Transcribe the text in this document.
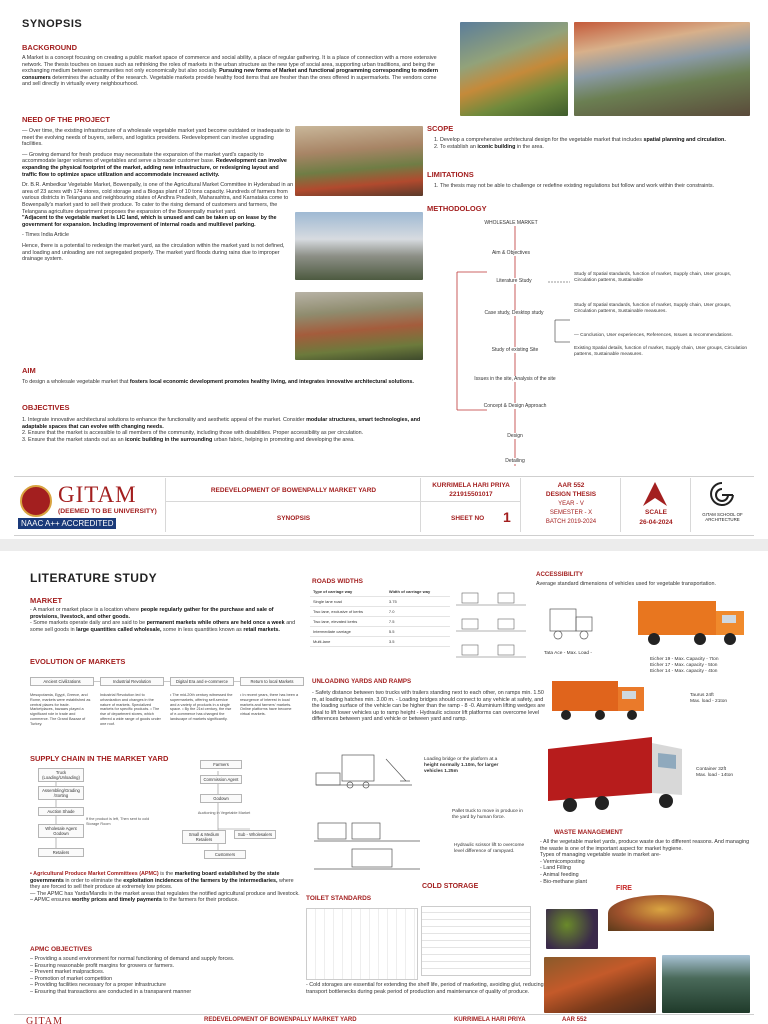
SYNOPSIS
BACKGROUND
A Market is a concept focusing on creating a public market space of commerce and social ability, a place of regular gathering. It is a place of connection with a more extensive network. The thesis touches on issues such as rethinking the roles of markets in the urban structure as the new type of social area, supporting urban traditions, and being the exchanging medium between communities not only economically but also socially. Pursuing new forms of Market and functional programming corresponding to modern consumers determines the actuality of the research. Vegetable markets provide healthy food items that are fresher than the ones offered in supermarkets. The vendors come and sell directly in virtually every neighbourhood.
NEED OF THE PROJECT
— Over time, the existing infrastructure of a wholesale vegetable market yard become outdated or inadequate to meet the evolving needs of buyers, sellers, and logistics providers. Redevelopment can involve upgrading facilities.
— Growing demand for fresh produce may necessitate the expansion of the market yard's capacity to accommodate larger volumes of vegetables and serve a broader customer base. Redevelopment can involve expanding the physical footprint of the market, adding new infrastructure, or redesigning layout and traffic flow to optimize space utilization and accommodate increased activity.
Dr. B.R. Ambedkar Vegetable Market, Bowenpally, is one of the Agricultural Market Committee in Hyderabad in an area of 23 acres with 174 stores, cold storage and a Biogas plant of 10 tons capacity. Hundreds of farmers from various districts in Telangana and neighbouring states of Andhra Pradesh, Maharashtra, and Karnataka come to Bowenpally's market yard to sell their produce. To cater to the rising demand of customers and farmers, the Telangana agriculture department proposes the expansion of the Bowenpally market yard.
"Adjacent to the vegetable market is LIC land, which is unused and can be taken up on lease by the government for expansion. Including improvement of internal roads and multilevel parking.
- Times India Article
Hence, there is a potential to redesign the market yard, as the circulation within the market yard is not defined, and loading and unloading are not segregated properly. The market yard floods during rains due to improper drainage system.
SCOPE
1. Develop a comprehensive architectural design for the vegetable market that includes spatial planning and circulation.
2. To establish an iconic building in the area.
LIMITATIONS
1. The thesis may not be able to challenge or redefine existing regulations but follow and work within their constraints.
METHODOLOGY
WHOLESALE MARKET
Aim & Objectives
Literature Study
Case study, Desktop study
Study of existing Site
Issues in the site, Analysis of the site
Concept & Design Approach
Design
Detailing
Study of Spatial standards, function of market, Supply chain, User groups, Circulation patterns, Sustainable
Study of Spatial standards, function of market, Supply chain, User groups, Circulation patterns, Sustainable measures.
— Conclusion, User experiences, References, Issues & recommendations.
Existing Spatial details, function of market, Supply chain, User groups, Circulation patterns, Sustainable measures.
AIM
To design a wholesale vegetable market that fosters local economic development promotes healthy living, and integrates innovative architectural solutions.
OBJECTIVES
1. Integrate innovative architectural solutions to enhance the functionality and aesthetic appeal of the market. Consider modular structures, smart technologies, and adaptable spaces that can evolve with changing needs.
2. Ensure that the market is accessible to all members of the community, including those with disabilities. Proper accessibility as per circulation.
3. Ensure that the market stands out as an iconic building in the surrounding urban fabric, helping in promoting and developing the area.
GITAM
(DEEMED TO BE UNIVERSITY)
NAAC A++ ACCREDITED
REDEVELOPMENT OF BOWENPALLY MARKET YARD
SYNOPSIS
KURRIMELA HARI PRIYA
221915501017
SHEET NO 1
AAR 552
DESIGN THESIS
YEAR - V
SEMESTER - X
BATCH 2019-2024
SCALE
26-04-2024
GITAM SCHOOL OF ARCHITECTURE
LITERATURE STUDY
MARKET
- A market or market place is a location where people regularly gather for the purchase and sale of provisions, livestock, and other goods.
- Some markets operate daily and are said to be permanent markets while others are held once a week and some sell goods in large quantities called wholesale, some in less quantities known as retail markets.
EVOLUTION OF MARKETS
Ancient Civilizations	Industrial Revolution	Digital Era and e-commerce	Return to local Markets
Mesopotamia, Egypt, Greece, and Rome, markets were established as central places for trade. Marketplaces, bazaars played a significant role in trade and commerce. The Grand Bazaar of Turkey.
Industrial Revolution led to urbanization and changes in the nature of markets. Specialized markets for specific products. • The rise of department stores, which offered a wide range of goods under one roof.
• The mid-20th century witnessed the supermarkets, offering self-service and a variety of products in a single space. • By the 21st century, the rise of e-commerce has changed the landscape of markets significantly.
• In recent years, there has been a resurgence of interest in local markets and farmers' markets. Online platforms have become virtual markets.
SUPPLY CHAIN IN THE MARKET YARD
Truck (Loading/Unloading)
Assembling/Grading /Sorting
Auction Shade
Wholesale Agent Godown
Retailers
If the product is left, Then sent to cold Storage Room
Farmers
Commission Agent
Godown
Auctioning in Vegetable Market
Small & Medium Retailers
Sub - Wholesalers
Customers
• Agricultural Produce Market Committees (APMC) is the marketing board established by the state governments in order to eliminate the exploitation incidences of the farmers by the intermediaries, where they are forced to sell their produce at extremely low prices.
— The APMC has Yards/Mandis in the market areas that regulates the notified agricultural produce and livestock.
– APMC ensures worthy prices and timely payments to the farmers for their produce.
APMC OBJECTIVES
– Providing a sound environment for normal functioning of demand and supply forces.
– Ensuring reasonable profit margins for growers or farmers.
– Prevent market malpractices.
– Promotion of market competition
– Providing facilities necessary for a proper infrastructure
– Ensuring that transactions are conducted in a transparent manner
ROADS WIDTHS
Type of carriage way	Width of carriage way
Single lane road	3.75
Two lane, exclusive of kerbs	7.0
Two lane, elevated kerbs	7.5
Intermediate carriage	5.5
Multi-lane	3.5
UNLOADING YARDS AND RAMPS
- Safety distance between two trucks with trailers standing next to each other, on ramps min. 1.50 m, at loading hatches min. 3.00 m. - Loading bridges should connect to any vehicle at safety, and the loading surface of the vehicle can be higher than the ramp - 8 -0. Aluminium lifting wedges are ideal to lift lower vehicles up to ramp height - Hydraulic scissor lift platforms can overcome level differences between yard and vehicle or between yard and ramp.
Loading bridge or the platform at a height normally 1.10m, for larger vehicles 1.25m
Pallet truck to move in produce in the yard by human force.
Hydraulic scissor lift to overcome level difference of rampyard.
COLD STORAGE
TOILET STANDARDS
- Cold storages are essential for extending the shelf life, period of marketing, avoiding glut, reducing transport bottlenecks during peak period of production and maintenance of quality of produce.
ACCESSIBILITY
Average standard dimensions of vehicles used for vegetable transportation.
Tata Ace - Max. Load -
Eicher 19 - Max. Capacity - 7ton
Eicher 17 - Max. capacity - 5ton
Eicher 14 - Max. capacity - 4ton
Taurus 24ft
Max. load - 21ton
Container 32ft
Max. load - 14ton
WASTE MANAGEMENT
- All the vegetable market yards, produce waste due to different reasons. And managing the waste is one of the important aspect for market hygiene.
Types of managing vegetable waste in market are-
- Vermicomposting
- Land Filling
- Animal feeding
- Bio-methane plant
FIRE
GITAM	REDEVELOPMENT OF BOWENPALLY MARKET YARD	KURRIMELA HARI PRIYA	AAR 552
